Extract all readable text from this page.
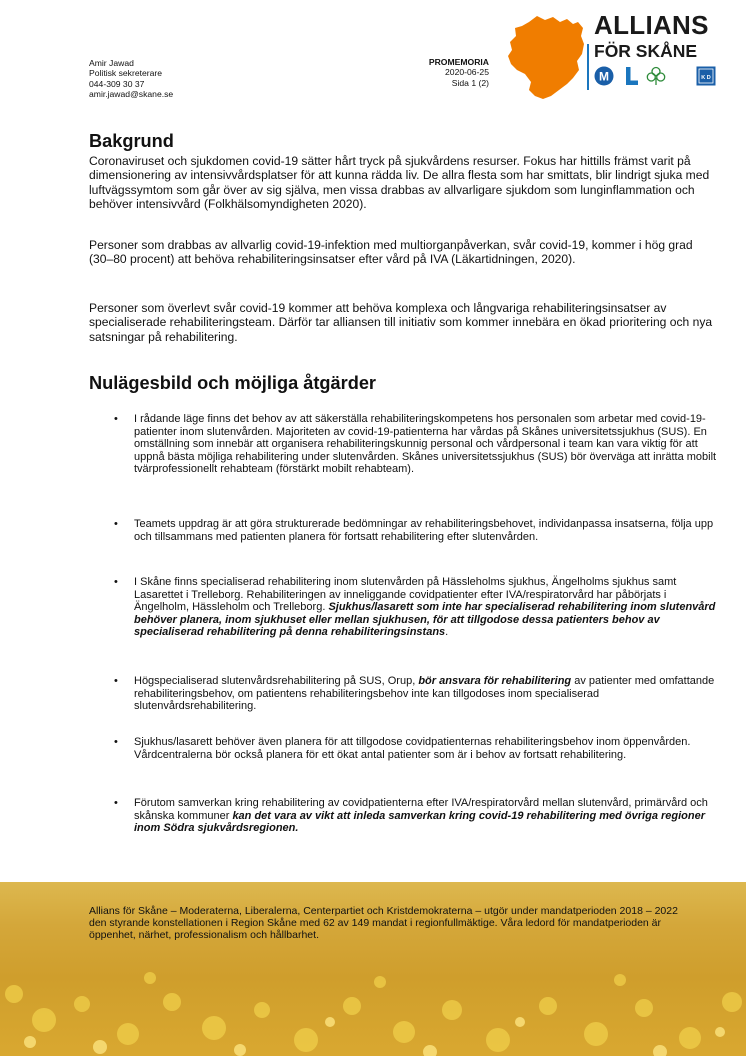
Amir Jawad
Politisk sekreterare
044-309 30 37
amir.jawad@skane.se
PROMEMORIA
2020-06-25
Sida 1 (2)
ALLIANS
FÖR SKÅNE
M	K D
Bakgrund

Coronaviruset och sjukdomen covid-19 sätter hårt tryck på sjukvårdens resurser. Fokus har hittills främst varit på dimensionering av intensivvårdsplatser för att kunna rädda liv. De allra flesta som har smittats, blir lindrigt sjuka med luftvägssymtom som går över av sig själva, men vissa drabbas av allvarligare sjukdom som lunginflammation och behöver intensivvård (Folkhälsomyndigheten 2020).

Personer som drabbas av allvarlig covid-19-infektion med multiorganpåverkan, svår covid-19, kommer i hög grad (30–80 procent) att behöva rehabiliteringsinsatser efter vård på IVA (Läkartidningen, 2020).

Personer som överlevt svår covid-19 kommer att behöva komplexa och långvariga rehabiliteringsinsatser av specialiserade rehabiliteringsteam. Därför tar alliansen till initiativ som kommer innebära en ökad prioritering och nya satsningar på rehabilitering.

Nulägesbild och möjliga åtgärder
• I rådande läge finns det behov av att säkerställa rehabiliteringskompetens hos personalen som arbetar med covid-19-patienter inom slutenvården. Majoriteten av covid-19-patienterna har vårdas på Skånes universitetssjukhus (SUS). En omställning som innebär att organisera rehabiliteringskunnig personal och vårdpersonal i team kan vara viktig för att uppnå bästa möjliga rehabilitering under slutenvården. Skånes universitetssjukhus (SUS) bör överväga att inrätta mobilt tvärprofessionellt rehabteam (förstärkt mobilt rehabteam).

• Teamets uppdrag är att göra strukturerade bedömningar av rehabiliteringsbehovet, individanpassa insatserna, följa upp och tillsammans med patienten planera för fortsatt rehabilitering efter slutenvården.

• I Skåne finns specialiserad rehabilitering inom slutenvården på Hässleholms sjukhus, Ängelholms sjukhus samt Lasarettet i Trelleborg. Rehabiliteringen av inneliggande covidpatienter efter IVA/respiratorvård har påbörjats i Ängelholm, Hässleholm och Trelleborg. Sjukhus/lasarett som inte har specialiserad rehabilitering inom slutenvård behöver planera, inom sjukhuset eller mellan sjukhusen, för att tillgodose dessa patienters behov av specialiserad rehabilitering på denna rehabiliteringsinstans.

• Högspecialiserad slutenvårdsrehabilitering på SUS, Orup, bör ansvara för rehabilitering av patienter med omfattande rehabiliteringsbehov, om patientens rehabiliteringsbehov inte kan tillgodoses inom specialiserad slutenvårdsrehabilitering.

• Sjukhus/lasarett behöver även planera för att tillgodose covidpatienternas rehabiliteringsbehov inom öppenvården. Vårdcentralerna bör också planera för ett ökat antal patienter som är i behov av fortsatt rehabilitering.

• Förutom samverkan kring rehabilitering av covidpatienterna efter IVA/respiratorvård mellan slutenvård, primärvård och skånska kommuner kan det vara av vikt att inleda samverkan kring covid-19 rehabilitering med övriga regioner inom Södra sjukvårdsregionen.

Allians för Skåne – Moderaterna, Liberalerna, Centerpartiet och Kristdemokraterna – utgör under mandatperioden 2018 – 2022 den styrande konstellationen i Region Skåne med 62 av 149 mandat i regionfullmäktige. Våra ledord för mandatperioden är öppenhet, närhet, professionalism och hållbarhet.
